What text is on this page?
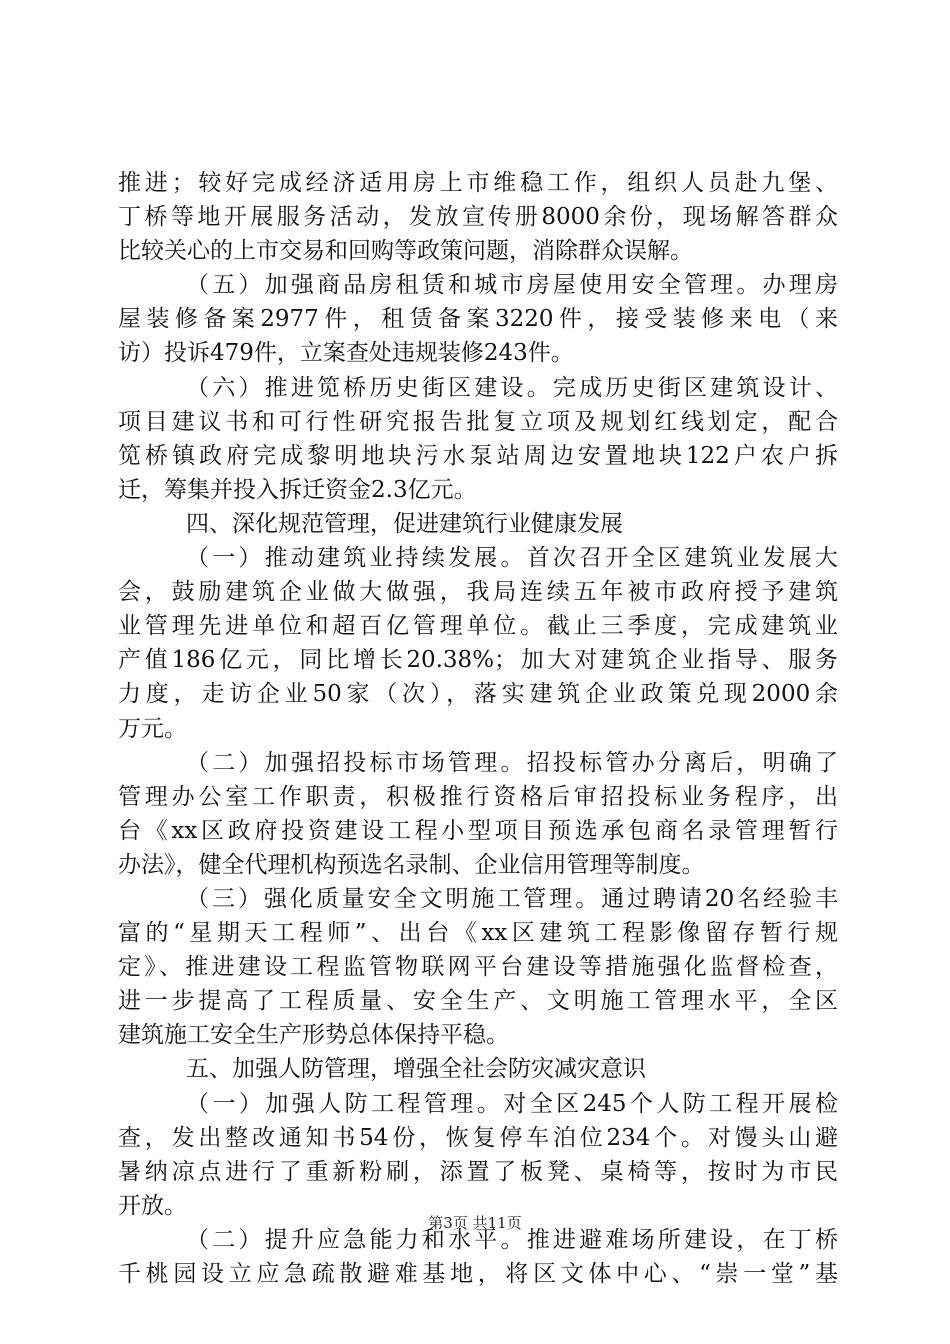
推进；较好完成经济适用房上市维稳工作，组织人员赴九堡、
丁桥等地开展服务活动，发放宣传册8000余份，现场解答群众
比较关心的上市交易和回购等政策问题，消除群众误解。
（五）加强商品房租赁和城市房屋使用安全管理。办理房
屋装修备案2977件，租赁备案3220件，接受装修来电（来
访）投诉479件，立案查处违规装修243件。
（六）推进笕桥历史街区建设。完成历史街区建筑设计、
项目建议书和可行性研究报告批复立项及规划红线划定，配合
笕桥镇政府完成黎明地块污水泵站周边安置地块122户农户拆
迁，筹集并投入拆迁资金2.3亿元。
四、深化规范管理，促进建筑行业健康发展
（一）推动建筑业持续发展。首次召开全区建筑业发展大
会，鼓励建筑企业做大做强，我局连续五年被市政府授予建筑
业管理先进单位和超百亿管理单位。截止三季度，完成建筑业
产值186亿元，同比增长20.38%；加大对建筑企业指导、服务
力度，走访企业50家（次），落实建筑企业政策兑现2000余
万元。
（二）加强招投标市场管理。招投标管办分离后，明确了
管理办公室工作职责，积极推行资格后审招投标业务程序，出
台《xx区政府投资建设工程小型项目预选承包商名录管理暂行
办法》，健全代理机构预选名录制、企业信用管理等制度。
（三）强化质量安全文明施工管理。通过聘请20名经验丰
富的“星期天工程师”、出台《xx区建筑工程影像留存暂行规
定》、推进建设工程监管物联网平台建设等措施强化监督检查，
进一步提高了工程质量、安全生产、文明施工管理水平，全区
建筑施工安全生产形势总体保持平稳。
五、加强人防管理，增强全社会防灾减灾意识
（一）加强人防工程管理。对全区245个人防工程开展检
查，发出整改通知书54份，恢复停车泊位234个。对馒头山避
暑纳凉点进行了重新粉刷，添置了板凳、桌椅等，按时为市民
开放。
（二）提升应急能力和水平。推进避难场所建设，在丁桥
千桃园设立应急疏散避难基地，将区文体中心、“崇一堂”基
第3页 共11页
